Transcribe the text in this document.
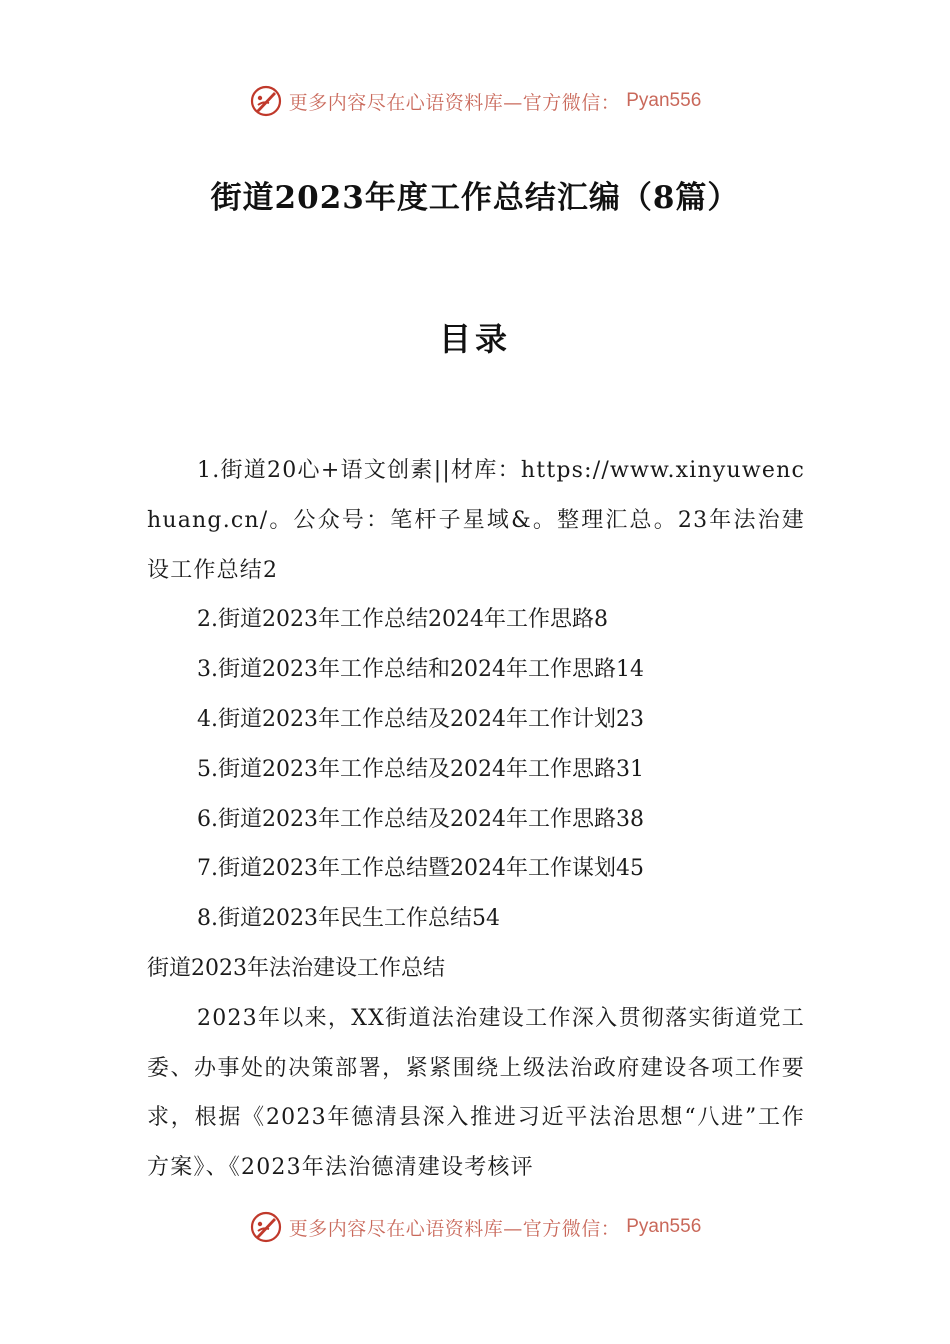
更多内容尽在心语资料库—官方微信： Pyan556
街道2023年度工作总结汇编（8篇）
目录

1.街道20心+语文创素||材库：https://www.xinyuwenchuang.cn/。公众号：笔杆子星域&。整理汇总。23年法治建设工作总结2

2.街道2023年工作总结2024年工作思路8

3.街道2023年工作总结和2024年工作思路14

4.街道2023年工作总结及2024年工作计划23

5.街道2023年工作总结及2024年工作思路31

6.街道2023年工作总结及2024年工作思路38

7.街道2023年工作总结暨2024年工作谋划45

8.街道2023年民生工作总结54

街道2023年法治建设工作总结

2023年以来，XX街道法治建设工作深入贯彻落实街道党工委、办事处的决策部署，紧紧围绕上级法治政府建设各项工作要求，根据《2023年德清县深入推进习近平法治思想“八进”工作方案》、《2023年法治德清建设考核评

更多内容尽在心语资料库—官方微信： Pyan556
